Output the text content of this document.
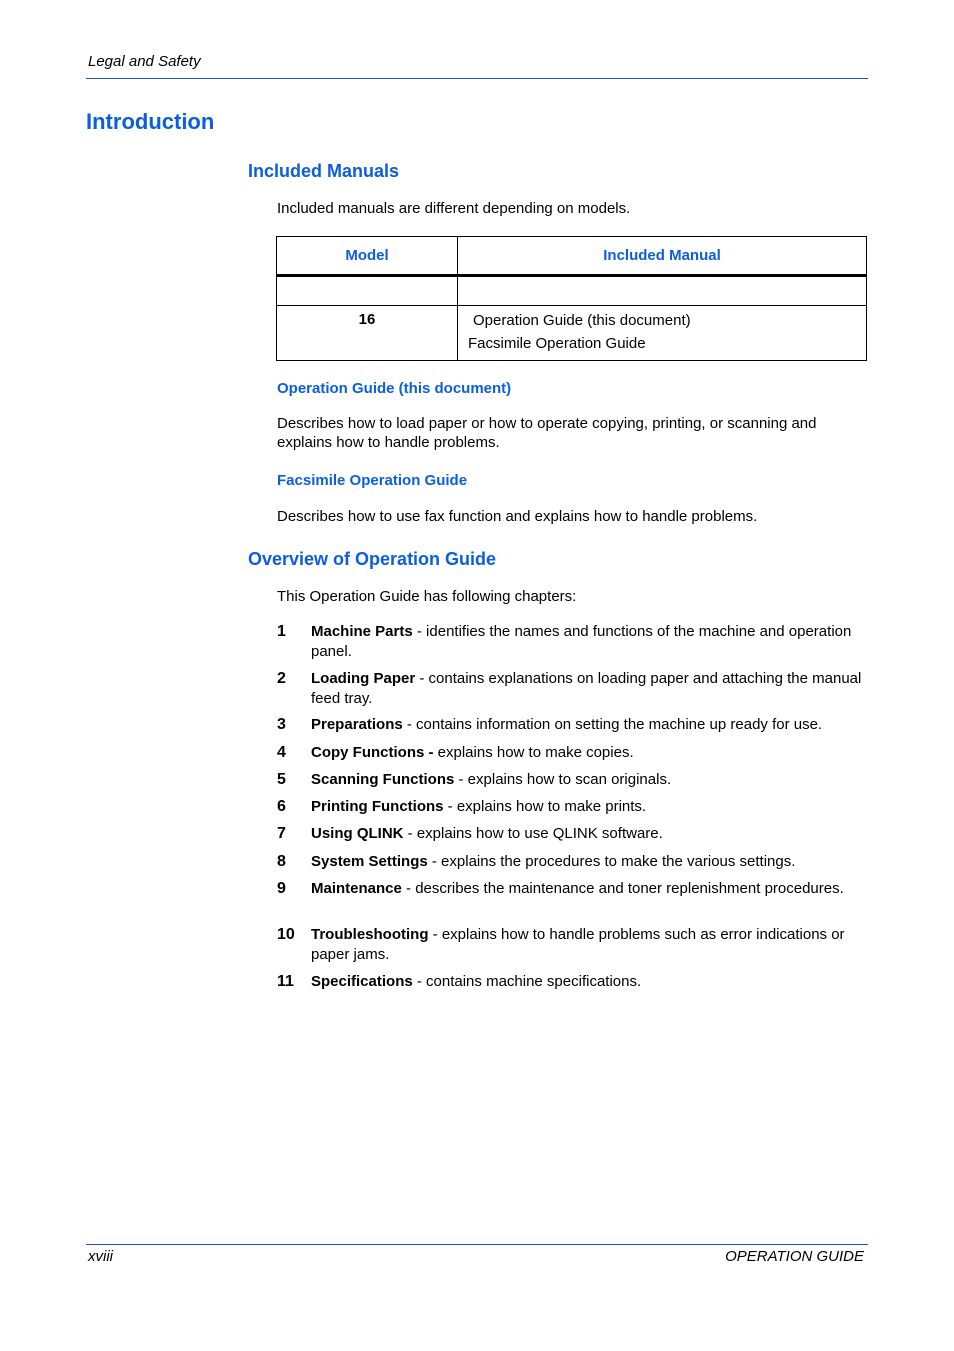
Legal and Safety
Introduction
Included Manuals
Included manuals are different depending on models.
Model	Included Manual

16	Operation Guide (this document)
Facsimile Operation Guide
Operation Guide (this document)
Describes how to load paper or how to operate copying, printing, or scanning and explains how to handle problems.
Facsimile Operation Guide
Describes how to use fax function and explains how to handle problems.
Overview of Operation Guide
This Operation Guide has following chapters:
1 Machine Parts - identifies the names and functions of the machine and operation panel.
2 Loading Paper - contains explanations on loading paper and attaching the manual feed tray.
3 Preparations - contains information on setting the machine up ready for use.
4 Copy Functions - explains how to make copies.
5 Scanning Functions - explains how to scan originals.
6 Printing Functions - explains how to make prints.
7 Using QLINK - explains how to use QLINK software.
8 System Settings - explains the procedures to make the various settings.
9 Maintenance - describes the maintenance and toner replenishment procedures.
10 Troubleshooting - explains how to handle problems such as error indications or paper jams.
11 Specifications - contains machine specifications.
xviii	OPERATION GUIDE
